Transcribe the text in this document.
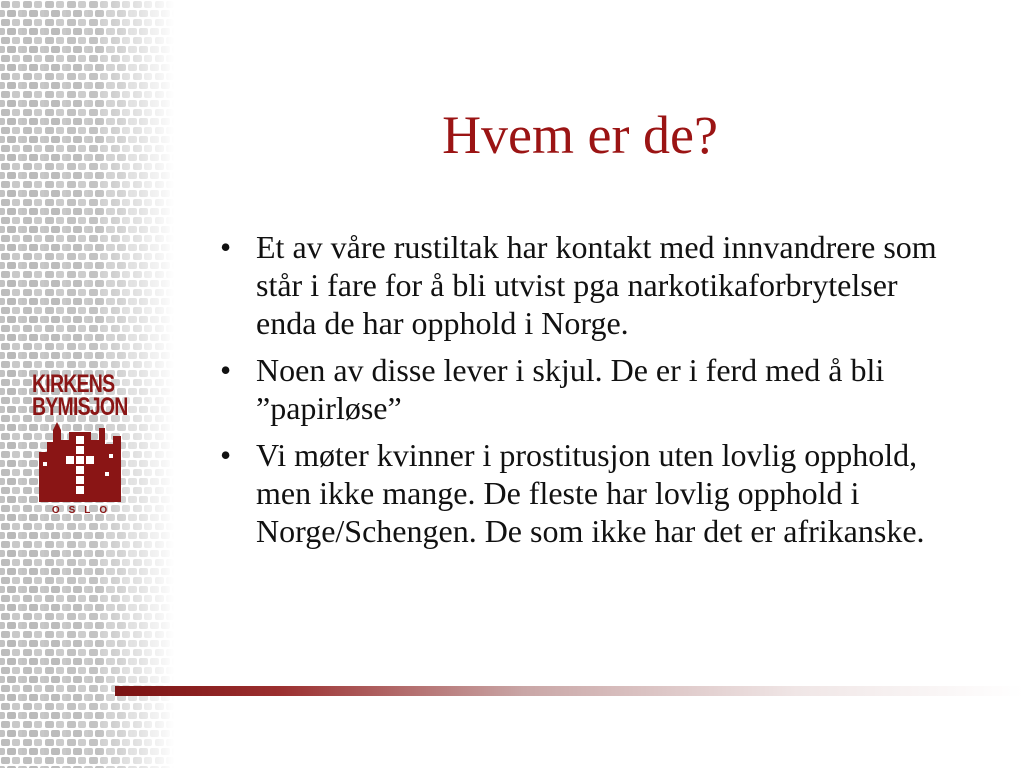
KIRKENS
BYMISJON
OSLO
Hvem er de?
• Et av våre rustiltak har kontakt med innvandrere som står i fare for å bli utvist pga narkotikaforbrytelser enda de har opphold i Norge.
• Noen av disse lever i skjul. De er i ferd med å bli ”papirløse”
• Vi møter kvinner i prostitusjon uten lovlig opphold, men ikke mange. De fleste har lovlig opphold i Norge/Schengen. De som ikke har det er afrikanske.
